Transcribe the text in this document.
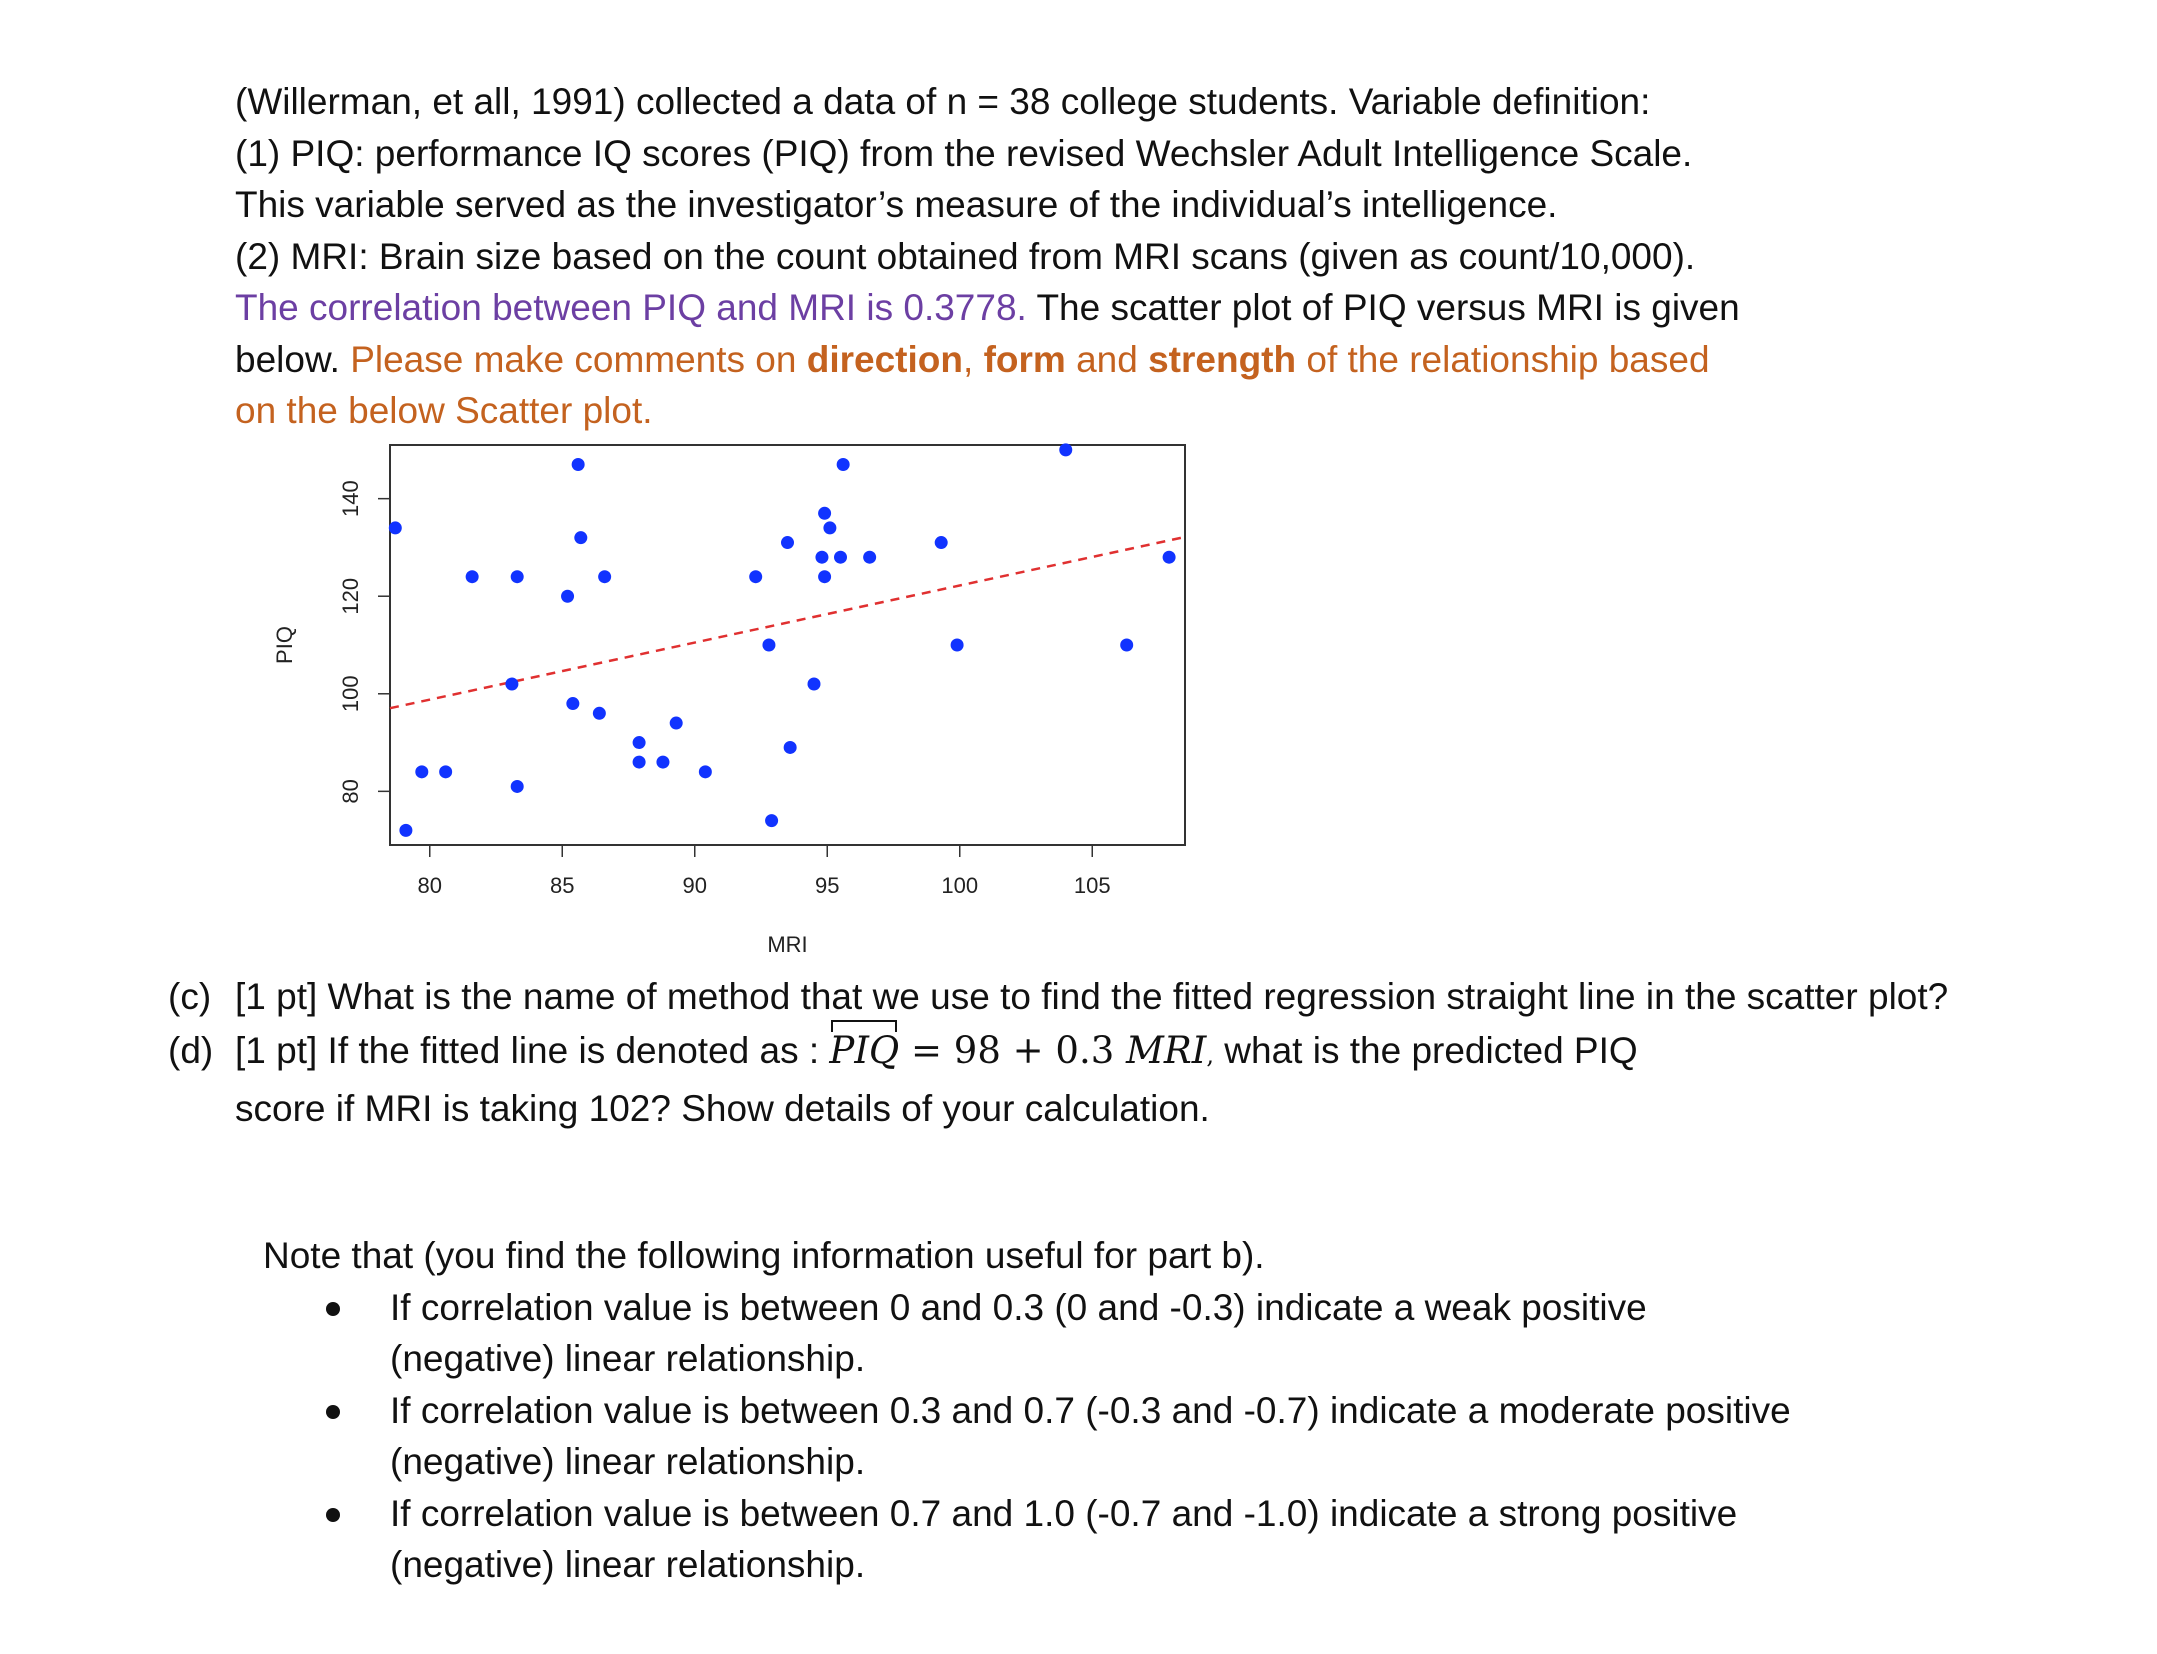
(Willerman, et all, 1991) collected a data of n = 38 college students. Variable definition:
(1) PIQ: performance IQ scores (PIQ) from the revised Wechsler Adult Intelligence Scale.
This variable served as the investigator’s measure of the individual’s intelligence.
(2) MRI: Brain size based on the count obtained from MRI scans (given as count/10,000).
The correlation between PIQ and MRI is 0.3778. The scatter plot of PIQ versus MRI is given
below. Please make comments on direction, form and strength of the relationship based
on the below Scatter plot.
80	85	90	95	100	105
80
100
120
140
MRI
PIQ
(c) [1 pt] What is the name of method that we use to find the fitted regression straight line in the scatter plot?
(d) [1 pt] If the fitted line is denoted as : PIQ = 98 + 0.3 MRI, what is the predicted PIQ
score if MRI is taking 102? Show details of your calculation.
Note that (you find the following information useful for part b).
If correlation value is between 0 and 0.3 (0 and -0.3) indicate a weak positive (negative) linear relationship.
If correlation value is between 0.3 and 0.7 (-0.3 and -0.7) indicate a moderate positive (negative) linear relationship.
If correlation value is between 0.7 and 1.0 (-0.7 and -1.0) indicate a strong positive (negative) linear relationship.
